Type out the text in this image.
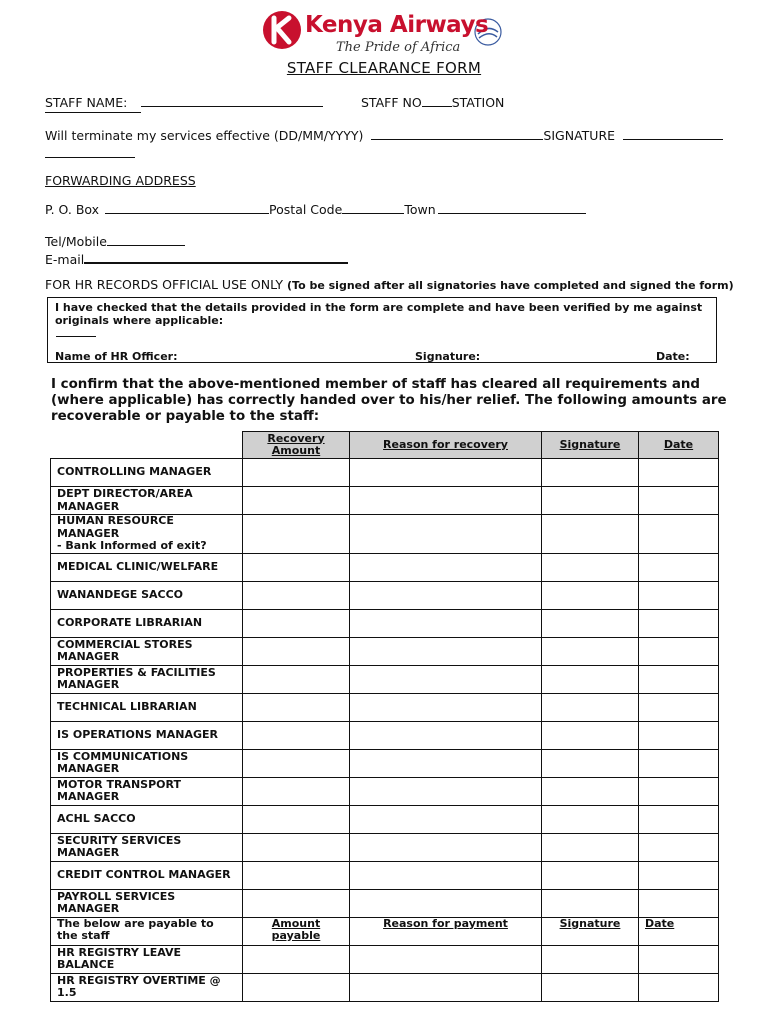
Kenya Airways
The Pride of Africa
STAFF CLEARANCE FORM
STAFF NAME:	STAFF NO STATION
Will terminate my services effective (DD/MM/YYYY)	SIGNATURE
FORWARDING ADDRESS
P. O. Box	Postal Code	Town
Tel/Mobile
E-mail
FOR HR RECORDS OFFICIAL USE ONLY (To be signed after all signatories have completed and signed the form)
I have checked that the details provided in the form are complete and have been verified by me against originals where applicable:
Name of HR Officer:	Signature:	Date:
I confirm that the above-mentioned member of staff has cleared all requirements and (where applicable) has correctly handed over to his/her relief. The following amounts are recoverable or payable to the staff:
	Recovery Amount	Reason for recovery	Signature	Date

CONTROLLING MANAGER				

DEPT DIRECTOR/AREA MANAGER				

HUMAN RESOURCE MANAGER
- Bank Informed of exit?				

MEDICAL CLINIC/WELFARE				

WANANDEGE SACCO				

CORPORATE LIBRARIAN				

COMMERCIAL STORES MANAGER				

PROPERTIES & FACILITIES MANAGER				

TECHNICAL LIBRARIAN				

IS OPERATIONS MANAGER				

IS COMMUNICATIONS MANAGER				

MOTOR TRANSPORT MANAGER				

ACHL SACCO				

SECURITY SERVICES MANAGER				

CREDIT CONTROL MANAGER				

PAYROLL SERVICES MANAGER				

The below are payable to the staff	Amount payable	Reason for payment	Signature	Date

HR REGISTRY LEAVE BALANCE				

HR REGISTRY OVERTIME @ 1.5				
